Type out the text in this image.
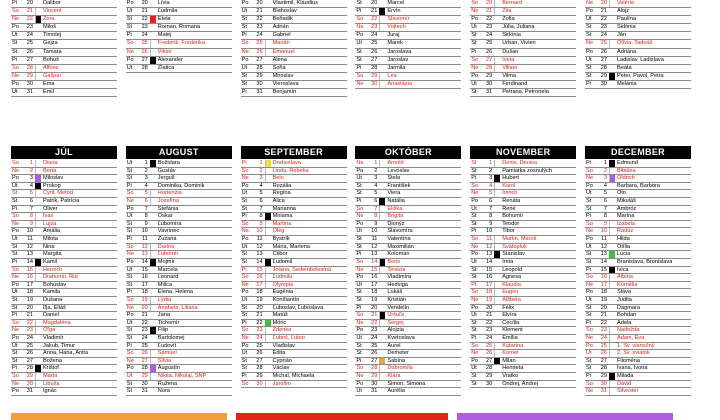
Pi	20 Dalibor
So	21 Vincent
Ne	22 Zora
Po	23 Miloš
Ut	24 Timotej
St	25 Gejza
Št	26 Tamara
Pi	27 Bohuš
So	28 Alfonz
Ne	29 Gašpar
Po	30 Ema
Ut	31 Emil
Po	20 Lívia
Ut	21 Ľudmila
St	22 Etela
Št	23 Roman, Romana
Pi	24 Matej
So	25 Frederik, Frederika
Ne	26 Viktor
Po	27 Alexander
Ut	28 Zlatica
Po	20 Vlastimil, Klaudius
Ut	21 Blahoslav
St	22 Beňadik
Št	23 Adrián
Pi	24 Gabriel
So	25 Marián
Ne	26 Emanuel
Po	27 Alena
Ut	28 Soňa
St	29 Miroslav
Št	30 Vieroslava
Pi	31 Benjamín
Št	20 Marcel
Pi	21 Ervín
So	22 Slavomír
Ne	23 Vojtech
Po	24 Juraj
Ut	25 Marek
St	26 Jaroslava
Št	27 Jaroslav
Pi	28 Jarmila
So	29 Lea
Ne	30 Anastázia
So	20 Bernard
Ne	21 Zita
Po	22 Žofia
Ut	23 Júlia, Juliana
St	24 Sidónia
Št	25 Urban, Vivien
Pi	26 Dušan
So	27 Iveta
Ne	28 Viliam
Po	29 Vilma
Ut	30 Ferdinand
St	31 Petrana, Petronela
Ne	20 Valéria
Po	21 Alojz
Ut	22 Paulína
St	23 Sidónia
Št	24 Ján
Ne	25 Olívia, Tadeáš
Po	26 Adriána
Ut	27 Ladislav, Ladislava
St	28 Beáta
Št	29 Peter, Pavol, Petra
Pi	30 Melánia
JÚL
So	1 Diana
Ne	2 Berta
Po	3 Miloslav
Ut	4 Prokop
St	5 Cyril, Metod
Št	6 Patrik, Patrícia
Pi	7 Oliver
So	8 Ivan
Ne	9 Lujza
Po	10 Amália
Ut	11 Milota
St	12 Nina
Št	13 Margita
Pi	14 Kamil
So	15 Henrich
Ne	16 Drahomír, Rút
Po	17 Bohuslav
Ut	18 Kamila
St	19 Dušana
Št	20 Iľja, Eliáš
Pi	21 Daniel
So	22 Magdaléna
Ne	23 Oľga
Po	24 Vladimír
Ut	25 Jakub, Timur
St	26 Anna, Hana, Anita
Št	27 Božena
Pi	28 Krištof
So	29 Marta
Ne	30 Libuša
Po	31 Ignác
AUGUST
Ut	1 Božidara
St	2 Gustáv
Št	3 Jerguš
Pi	4 Dominika, Dominik
So	5 Hortenzia
Ne	6 Jozefína
Po	7 Štefánia
Ut	8 Oskar
St	9 Ľubomíra
Št	10 Vavrinec
Pi	11 Zuzana
So	12 Darina
Ne	13 Ľubomír
Po	14 Mojmír
Ut	15 Marcela
St	16 Leonard
Št	17 Milica
Pi	18 Elena, Helena
So	19 Lýdia
Ne	20 Anabela, Liliana
Po	21 Jana
Ut	22 Tichomír
St	23 Filip
Št	24 Bartolomej
Pi	25 Ľudovít
So	26 Samuel
Ne	27 Silvia
Po	28 Augustín
Ut	29 Nikita, Nikolaj, SNP
St	30 Ružena
Št	31 Nora
SEPTEMBER
Pi	1 Drahoslava
So	2 Linda, Rebeka
Ne	3 Belo
Po	4 Rozália
Ut	5 Regína
St	6 Alica
Št	7 Marianna
Pi	8 Miriama
So	9 Martina
Ne	10 Oleg
Po	11 Bystrík
Ut	12 Mária, Marlena
St	13 Ctibor
Št	14 Ľudomil
Pi	15 Jolana, Sedembolestná
So	16 Ľudmila
Ne	17 Olympia
Po	18 Eugénia
Ut	19 Konštantín
St	20 Ľuboslav, Ľuboslava
Št	21 Matúš
Pi	22 Móric
So	23 Zdenka
Ne	24 Ľuboš, Ľubor
Po	25 Vladislav
Ut	26 Edita
St	27 Cyprián
Št	28 Václav
Pi	29 Michal, Michaela
So	30 Jarolím
OKTÓBER
Ne	1 Arnold
Po	2 Levoslav
Ut	3 Stela
St	4 František
Št	5 Viera
Pi	6 Natália
So	7 Eliška
Ne	8 Brigita
Po	9 Dionýz
Ut	10 Slavomíra
St	11 Valentína
Št	12 Maximilián
Pi	13 Koloman
So	14 Boris
Ne	15 Terézia
Po	16 Vladimíra
Ut	17 Hedviga
St	18 Lukáš
Št	19 Kristián
Pi	20 Vendelín
So	21 Uršuľa
Ne	22 Sergej
Po	23 Alojzia
Ut	24 Kvetoslava
St	25 Aurel
Št	26 Demeter
Pi	27 Sabína
So	28 Dobromila
Ne	29 Klára
Po	30 Šimon, Simona
Ut	31 Aurélia
NOVEMBER
St	1 Denis, Denisa
Št	2 Pamiatka zosnulých
Pi	3 Hubert
So	4 Karol
Ne	5 Imrich
Po	6 Renáta
Ut	7 René
St	8 Bohumír
Št	9 Teodor
Pi	10 Tibor
So	11 Martin, Maroš
Ne	12 Svätopluk
Po	13 Stanislav
Ut	14 Irma
St	15 Leopold
Št	16 Agnesa
Pi	17 Klaudia
So	18 Eugen
Ne	19 Alžbeta
Po	20 Félix
Ut	21 Elvíra
St	22 Cecília
Št	23 Klement
Pi	24 Emília
So	25 Katarína
Ne	26 Kornel
Po	27 Milan
Ut	28 Henrieta
St	29 Vratko
Št	30 Ondrej, Andrej
DECEMBER
Pi	1 Edmund
So	2 Bibiána
Ne	3 Oldrich
Po	4 Barbara, Barbora
Ut	5 Oto
St	6 Mikuláš
Št	7 Ambróz
Pi	8 Marína
So	9 Izabela
Ne	10 Radúz
Po	11 Hilda
Ut	12 Otília
St	13 Lucia
Št	14 Branislava, Bronislava
Pi	15 Ivica
So	16 Albína
Ne	17 Kornélia
Po	18 Sláva
Ut	19 Judita
St	20 Dagmara
Št	21 Bohdan
Pi	22 Adela
So	23 Nadežda
Ne	24 Adam, Eva
Po	25 1. Sv. vianočný
Ut	26 2. Sv. sviatok
St	27 Filoména
Št	28 Ivana, Ivona
Pi	29 Milada
So	30 Dávid
Ne	31 Silvester
